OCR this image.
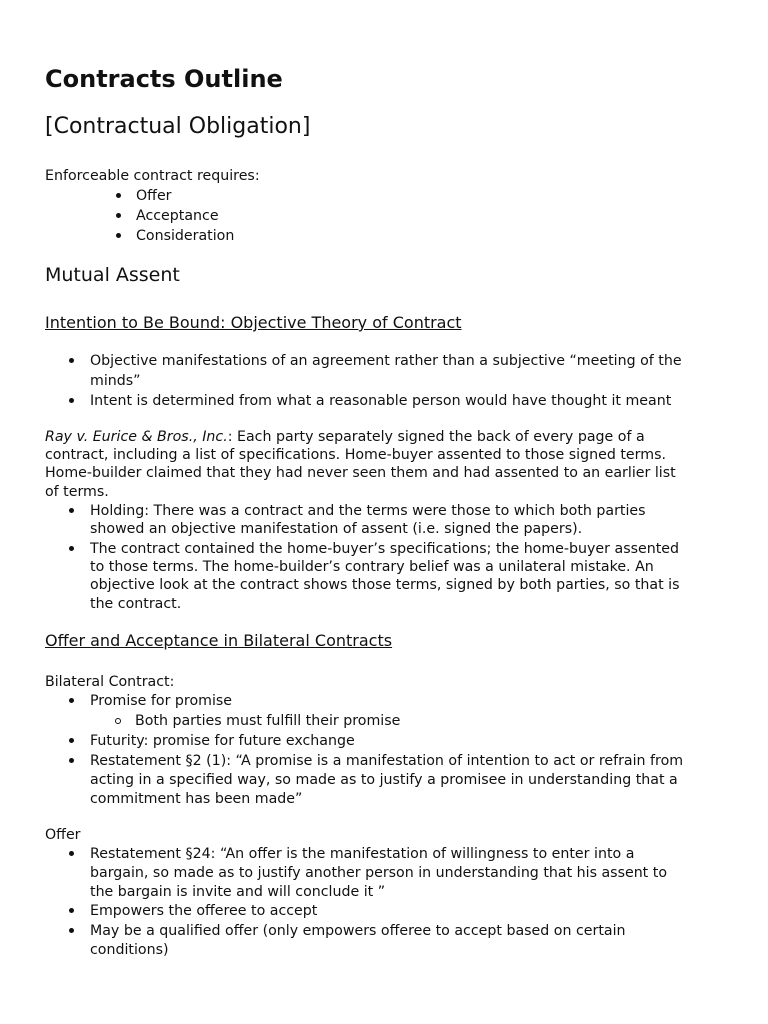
Contracts Outline
[Contractual Obligation]
Enforceable contract requires:
Offer
Acceptance
Consideration
Mutual Assent
Intention to Be Bound: Objective Theory of Contract
Objective manifestations of an agreement rather than a subjective “meeting of the
minds”
Intent is determined from what a reasonable person would have thought it meant
Ray v. Eurice & Bros., Inc.: Each party separately signed the back of every page of a
contract, including a list of specifications. Home-buyer assented to those signed terms.
Home-builder claimed that they had never seen them and had assented to an earlier list
of terms.
Holding: There was a contract and the terms were those to which both parties
showed an objective manifestation of assent (i.e. signed the papers).
The contract contained the home-buyer’s specifications; the home-buyer assented
to those terms. The home-builder’s contrary belief was a unilateral mistake. An
objective look at the contract shows those terms, signed by both parties, so that is
the contract.
Offer and Acceptance in Bilateral Contracts
Bilateral Contract:
Promise for promise
Both parties must fulfill their promise
Futurity: promise for future exchange
Restatement §2 (1): “A promise is a manifestation of intention to act or refrain from
acting in a specified way, so made as to justify a promisee in understanding that a
commitment has been made”
Offer
Restatement §24: “An offer is the manifestation of willingness to enter into a
bargain, so made as to justify another person in understanding that his assent to
the bargain is invite and will conclude it ”
Empowers the offeree to accept
May be a qualified offer (only empowers offeree to accept based on certain
conditions)
